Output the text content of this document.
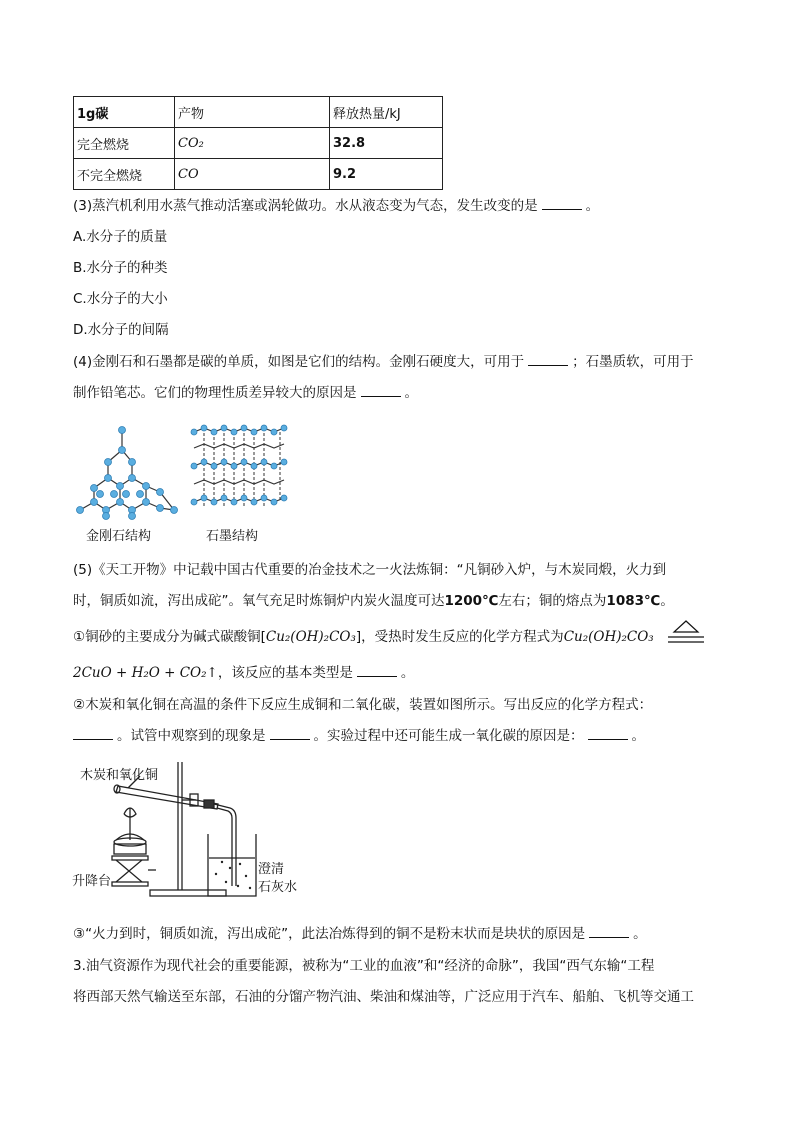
1g碳	产物	释放热量/kJ
完全燃烧	CO₂	32.8
不完全燃烧	CO	9.2
(3)蒸汽机利用水蒸气推动活塞或涡轮做功。水从液态变为气态，发生改变的是	。
A.水分子的质量
B.水分子的种类
C.水分子的大小
D.水分子的间隔
(4)金刚石和石墨都是碳的单质，如图是它们的结构。金刚石硬度大，可用于	；石墨质软，可用于
制作铅笔芯。它们的物理性质差异较大的原因是	。
金刚石结构	石墨结构
(5)《天工开物》中记载中国古代重要的冶金技术之一火法炼铜：“凡铜砂入炉，与木炭同煅，火力到
时，铜质如流，泻出成砣”。氧气充足时炼铜炉内炭火温度可达1200℃左右；铜的熔点为1083℃。
①铜砂的主要成分为碱式碳酸铜[Cu₂(OH)₂CO₃]，受热时发生反应的化学方程式为Cu₂(OH)₂CO₃
2CuO + H₂O + CO₂↑，该反应的基本类型是	。
②木炭和氧化铜在高温的条件下反应生成铜和二氧化碳，装置如图所示。写出反应的化学方程式：
。试管中观察到的现象是	。实验过程中还可能生成一氧化碳的原因是：	。
木炭和氧化铜
升降台
澄清
石灰水
③“火力到时，铜质如流，泻出成砣”，此法冶炼得到的铜不是粉末状而是块状的原因是	。
3.油气资源作为现代社会的重要能源，被称为“工业的血液”和“经济的命脉”，我国“西气东输“工程
将西部天然气输送至东部，石油的分馏产物汽油、柴油和煤油等，广泛应用于汽车、船舶、飞机等交通工
